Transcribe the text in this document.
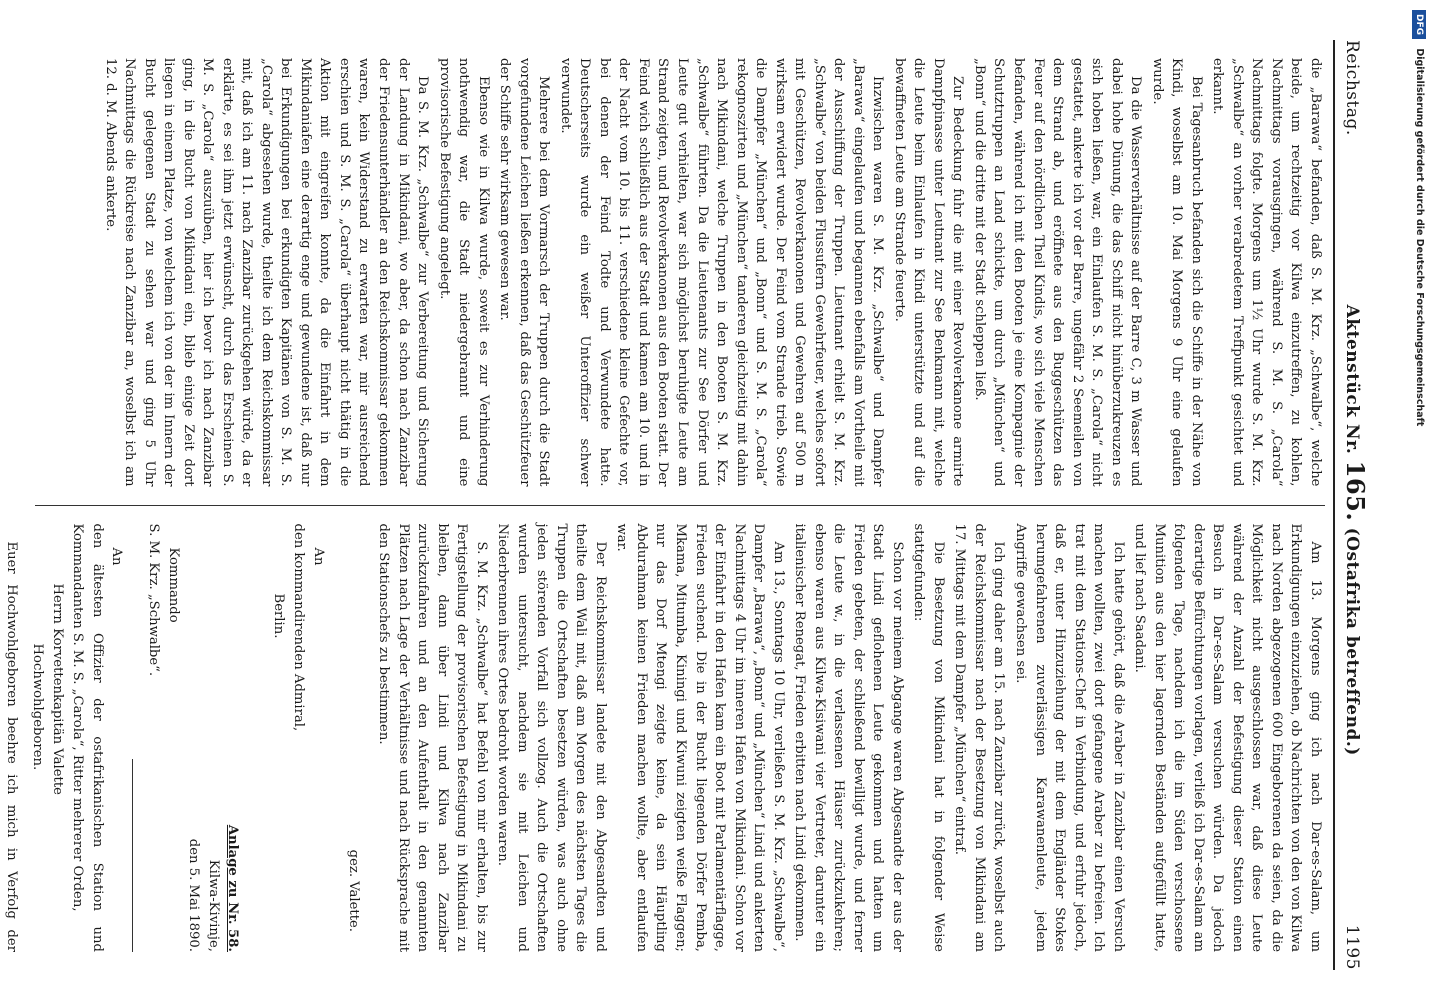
Reichstag.
Aktenstück Nr. 165. (Ostafrika betreffend.)
1195

die „Barawa“ befanden, daß S. M. Krz. „Schwalbe“, welche beide, um rechtzeitig vor Kilwa einzutreffen, zu kohlen, Nachmittags vorausgingen, während S. M. S. „Carola“ Nachmittags folgte. Morgens um 1½ Uhr wurde S. M. Krz. „Schwalbe“ an vorher verabredetem Treffpunkt gesichtet und erkannt.

Bei Tagesanbruch befanden sich die Schiffe in der Nähe von Kindi, woselbst am 10. Mai Morgens 9 Uhr eine gelaufen wurde.

Da die Wasserverhältnisse auf der Barre C, 3 m Wasser und dabei hohe Dünung, die das Schiff nicht hinüberzukreuzen es sich hoben ließen, war, ein Einlaufen S. M. S. „Carola“ nicht gestattet, ankerte ich vor der Barre, ungefähr 2 Seemeilen von dem Strand ab, und eröffnete aus den Buggeschützen das Feuer auf den nördlichen Theil Kindis, wo sich viele Menschen befanden, während ich mit den Booten je eine Kompagnie der Schutztruppen an Land schickte, um durch „München“ und „Bonn“ und die dritte mit der Stadt schleppen ließ.

Zur Bedeckung fuhr die mit einer Revolverkanone armirte Dampfpinasse unter Leutnant zur See Benkmann mit, welche die Leute beim Einlaufen in Kindi unterstützte und auf die bewaffneten Leute am Strande feuerte.

Inzwischen waren S. M. Krz. „Schwalbe“ und Dampfer „Barawa“ eingelaufen und begannen ebenfalls am Vortheile mit der Ausschiffung der Truppen. Lieutnant erhielt S. M. Krz. „Schwalbe“ von beiden Flussufern Gewehrfeuer, welches sofort mit Geschützen, Revolverkanonen und Gewehren auf 500 m wirksam erwidert wurde. Der Feind vom Strande trieb. Sowie die Dampfer „München“ und „Bonn“ und S. M. S. „Carola“ rekognoszirten und „München“ tanderen gleichzeitig mit dahin nach Mikindani, welche Truppen in den Booten S. M. Krz. „Schwalbe“ führten. Da die Lieutenants zur See Dörfer und Leute gut verhielten, war sich möglichst beruhigte Leute am Strand zeigten, und Revolverkanonen aus den Booten statt. Der Feind wich schließlich aus der Stadt und kamen am 10. und in der Nacht vom 10. bis 11. verschiedene kleine Gefechte vor, bei denen der Feind Todte und Verwundete hatte. Deutscherseits wurde ein weißer Unteroffizier schwer verwundet.

Mehrere bei dem Vormarsch der Truppen durch die Stadt vorgefundene Leichen ließen erkennen, daß das Geschützfeuer der Schiffe sehr wirksam gewesen war.

Ebenso wie in Kilwa wurde, soweit es zur Verhinderung nothwendig war, die Stadt niedergebrannt und eine provisorische Befestigung angelegt.

Da S. M. Krz. „Schwalbe“ zur Verbereitung und Sicherung der Landung in Mikindani, wo aber, da schon nach Zanzibar der Friedensunterhändler an den Reichskommissar gekommen waren, kein Widerstand zu erwarten war, mir ausreichend erschien und S. M. S. „Carola“ überhaupt nicht thätig in die Aktion mit eingreifen konnte, da die Einfahrt in dem Mikindaniafen eine derartig enge und gewundene ist, daß nur bei Erkundigungen bei erkundigten Kapitänen von S. M. S. „Carola“ abgesehen wurde, theilte ich dem Reichskommissar mit, daß ich am 11. nach Zanzibar zurückgehen würde, da er erklärte, es sei ihm jetzt erwünscht, durch das Erscheinen S. M. S. „Carola“ auszuüben, hier ich bevor ich nach Zanzibar ging, in die Bucht von Mikindani ein, blieb einige Zeit dort liegen in einem Platze, von welchem ich von der im Innern der Bucht gelegenen Stadt zu sehen war und ging 5 Uhr Nachmittags die Rückreise nach Zanzibar an, woselbst ich am 12. d. M. Abends ankerte.

Am 13. Morgens ging ich nach Dar-es-Salam, um Erkundigungen einzuziehen, ob Nachrichten von den von Kilwa nach Norden abgezogenen 600 Eingeborenen da seien, da die Möglichkeit nicht ausgeschlossen war, daß diese Leute während der Anzahl der Befestigung dieser Station einen Besuch in Dar-es-Salam versuchen würden. Da jedoch derartige Befürchtungen vorlagen, verließ ich Dar-es-Salam am folgenden Tage, nachdem ich die im Süden verschossene Munition aus den hier lagernden Beständen aufgefüllt hatte, und lief nach Saadani.

Ich hatte gehört, daß die Araber in Zanzibar einen Versuch machen wollten, zwei dort gefangene Araber zu befreien. Ich trat mit dem Stations-Chef in Verbindung, und erfuhr jedoch, daß er, unter Hinzuziehung der mit dem Engländer Stokes herumgefahrenen zuverlässigen Karawanenleute, jedem Angriffe gewachsen sei.

Ich ging daher am 15. nach Zanzibar zurück, woselbst auch der Reichskommissar nach der Besetzung von Mikindani am 17. Mittags mit dem Dampfer „München“ eintraf.

Die Besetzung von Mikindani hat in folgender Weise stattgefunden:

Schon vor meinem Abgange waren Abgesandte der aus der Stadt Lindi geflohenen Leute gekommen und hatten um Frieden gebeten, der schließend bewilligt wurde, und ferner die Leute w., in die verlassenen Häuser zurückzukehren; ebenso waren aus Kilwa-Kisiwani vier Vertreter, darunter ein italienischer Renegat, Frieden erbitten nach Lindi gekommen.

Am 13., Sonntags 10 Uhr, verließen S. M. Krz. „Schwalbe“, Dampfer „Barawa“, „Bonn“ und „München“ Lindi und ankerten Nachmittags 4 Uhr im inneren Hafen von Mikindani. Schon vor der Einfahrt in den Hafen kam ein Boot mit Parlamentärflagge, Frieden suchend. Die in der Bucht liegenden Dörfer Pemba, Mkama, Mitumba, Kiningi und Kiwuni zeigten weiße Flaggen; nur das Dorf Mtengi zeigte keine, da sein Häuptling Abdurahman keinen Frieden machen wollte, aber entlaufen war.

Der Reichskommissar landete mit den Abgesandten und theilte dem Wali mit, daß am Morgen des nächsten Tages die Truppen die Ortschaften besetzen würden, was auch ohne jeden störenden Vorfall sich vollzog. Auch die Ortschaften wurden untersucht, nachdem sie mit Leichen und Niederbrennen ihres Ortes bedroht worden waren.

S. M. Krz. „Schwalbe“ hat Befehl von mir erhalten, bis zur Fertigstellung der provisorischen Befestigung in Mikindani zu bleiben, dann über Lindi und Kilwa nach Zanzibar zurückzufahren und an den Aufenthalt in den genannten Plätzen nach Lage der Verhältnisse und nach Rücksprache mit den Stationschefs zu bestimmen.

gez. Valette.
An
den kommandirenden Admiral,
Berlin.
Anlage zu Nr. 58.
Kilwa-Kivinje,
den 5. Mai 1890.
Kommando
S. M. Krz. „Schwalbe“.
An
den ältesten Offizier der ostafrikanischen Station und Kommandanten S. M. S. „Carola“, Ritter mehrerer Orden,
Herrn Korvettenkapitän Valette
Hochwohlgeboren.

Euer Hochwohlgeboren beehre ich mich in Verfolg der

DFG Digitalisierung gefördert durch die Deutsche Forschungsgemeinschaft
